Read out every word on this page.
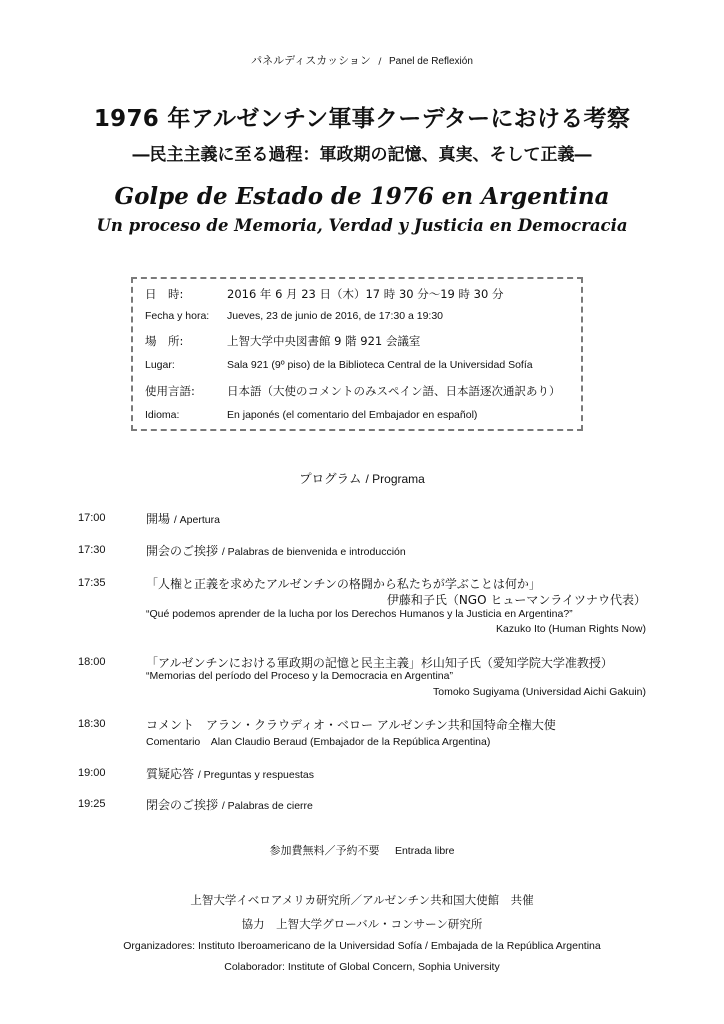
パネルディスカッション / Panel de Reflexión
1976 年アルゼンチン軍事クーデターにおける考察
―民主主義に至る過程：軍政期の記憶、真実、そして正義―
Golpe de Estado de 1976 en Argentina
Un proceso de Memoria, Verdad y Justicia en Democracia
日　時:	2016 年 6 月 23 日（木）17 時 30 分～19 時 30 分
Fecha y hora: Jueves, 23 de junio de 2016, de 17:30 a 19:30
場　所:	上智大学中央図書館 9 階 921 会議室
Lugar:	Sala 921 (9º piso) de la Biblioteca Central de la Universidad Sofía
使用言語:	日本語（大使のコメントのみスペイン語、日本語逐次通訳あり）
Idioma:	En japonés (el comentario del Embajador en español)
プログラム / Programa
17:00	開場 / Apertura
17:30	開会のご挨拶 / Palabras de bienvenida e introducción
17:35	「人権と正義を求めたアルゼンチンの格闘から私たちが学ぶことは何か」
伊藤和子氏（NGO ヒューマンライツナウ代表）
“Qué podemos aprender de la lucha por los Derechos Humanos y la Justicia en Argentina?”
Kazuko Ito (Human Rights Now)
18:00	「アルゼンチンにおける軍政期の記憶と民主主義」杉山知子氏（愛知学院大学准教授）
“Memorias del período del Proceso y la Democracia en Argentina”
Tomoko Sugiyama (Universidad Aichi Gakuin)
18:30	コメント　アラン・クラウディオ・ベロー アルゼンチン共和国特命全権大使
Comentario　Alan Claudio Beraud (Embajador de la República Argentina)
19:00	質疑応答 / Preguntas y respuestas
19:25	閉会のご挨拶 / Palabras de cierre
参加費無料／予約不要 Entrada libre
上智大学イベロアメリカ研究所／アルゼンチン共和国大使館　共催
協力　上智大学グローバル・コンサーン研究所
Organizadores: Instituto Iberoamericano de la Universidad Sofía / Embajada de la República Argentina
Colaborador: Institute of Global Concern, Sophia University
